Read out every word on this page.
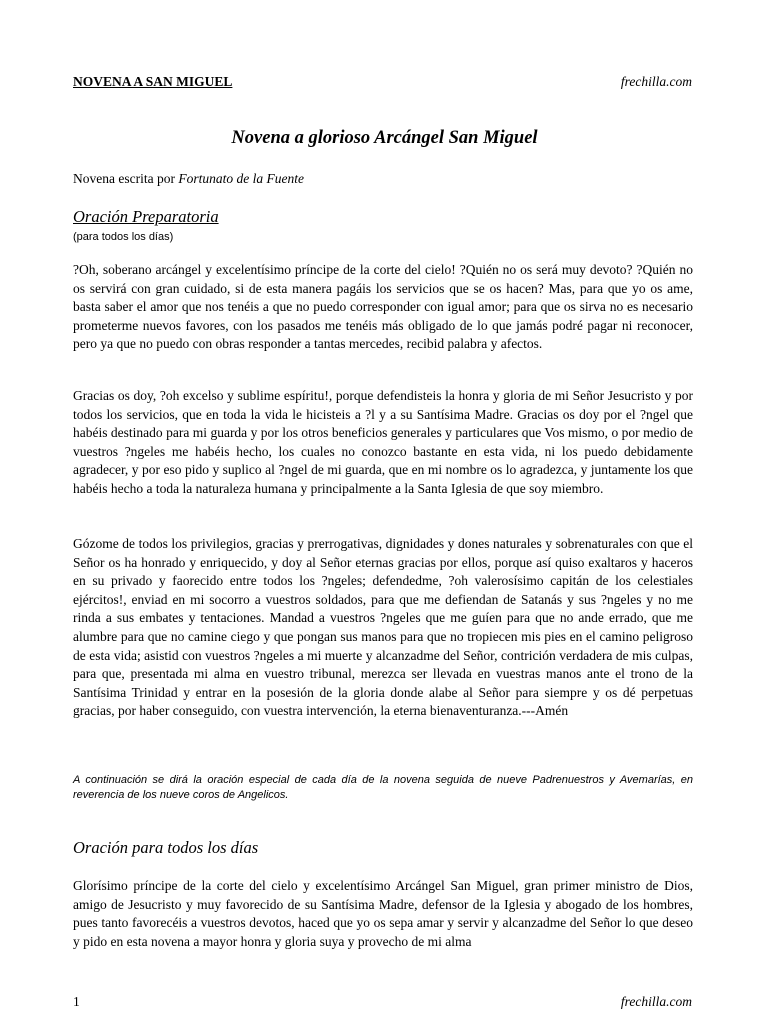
NOVENA A SAN MIGUEL	frechilla.com
Novena a glorioso Arcángel San Miguel
Novena escrita por Fortunato de la Fuente
Oración Preparatoria
(para todos los días)

?Oh, soberano arcángel y excelentísimo príncipe de la corte del cielo! ?Quién no os será muy devoto? ?Quién no os servirá con gran cuidado, si de esta manera pagáis los servicios que se os hacen? Mas, para que yo os ame, basta saber el amor que nos tenéis a que no puedo corresponder con igual amor; para que os sirva no es necesario prometerme nuevos favores, con los pasados me tenéis más obligado de lo que jamás podré pagar ni reconocer, pero ya que no puedo con obras responder a tantas mercedes, recibid palabra y afectos.

Gracias os doy, ?oh excelso y sublime espíritu!, porque defendisteis la honra y gloria de mi Señor Jesucristo y por todos los servicios, que en toda la vida le hicisteis a ?l y a su Santísima Madre. Gracias os doy por el ?ngel que habéis destinado para mi guarda y por los otros beneficios generales y particulares que Vos mismo, o por medio de vuestros ?ngeles me habéis hecho, los cuales no conozco bastante en esta vida, ni los puedo debidamente agradecer, y por eso pido y suplico al ?ngel de mi guarda, que en mi nombre os lo agradezca, y juntamente los que habéis hecho a toda la naturaleza humana y principalmente a la Santa Iglesia de que soy miembro.

Gózome de todos los privilegios, gracias y prerrogativas, dignidades y dones naturales y sobrenaturales con que el Señor os ha honrado y enriquecido, y doy al Señor eternas gracias por ellos, porque así quiso exaltaros y haceros en su privado y faorecido entre todos los ?ngeles; defendedme, ?oh valerosísimo capitán de los celestiales ejércitos!, enviad en mi socorro a vuestros soldados, para que me defiendan de Satanás y sus ?ngeles y no me rinda a sus embates y tentaciones. Mandad a vuestros ?ngeles que me guíen para que no ande errado, que me alumbre para que no camine ciego y que pongan sus manos para que no tropiecen mis pies en el camino peligroso de esta vida; asistid con vuestros ?ngeles a mi muerte y alcanzadme del Señor, contrición verdadera de mis culpas, para que, presentada mi alma en vuestro tribunal, merezca ser llevada en vuestras manos ante el trono de la Santísima Trinidad y entrar en la posesión de la gloria donde alabe al Señor para siempre y os dé perpetuas gracias, por haber conseguido, con vuestra intervención, la eterna bienaventuranza.---Amén

A continuación se dirá la oración especial de cada día de la novena seguida de nueve Padrenuestros y Avemarías, en reverencia de los nueve coros de Angelicos.

Oración para todos los días

Glorísimo príncipe de la corte del cielo y excelentísimo Arcángel San Miguel, gran primer ministro de Dios, amigo de Jesucristo y muy favorecido de su Santísima Madre, defensor de la Iglesia y abogado de los hombres, pues tanto favorecéis a vuestros devotos, haced que yo os sepa amar y servir y alcanzadme del Señor lo que deseo y pido en esta novena a mayor honra y gloria suya y provecho de mi alma

1	frechilla.com
